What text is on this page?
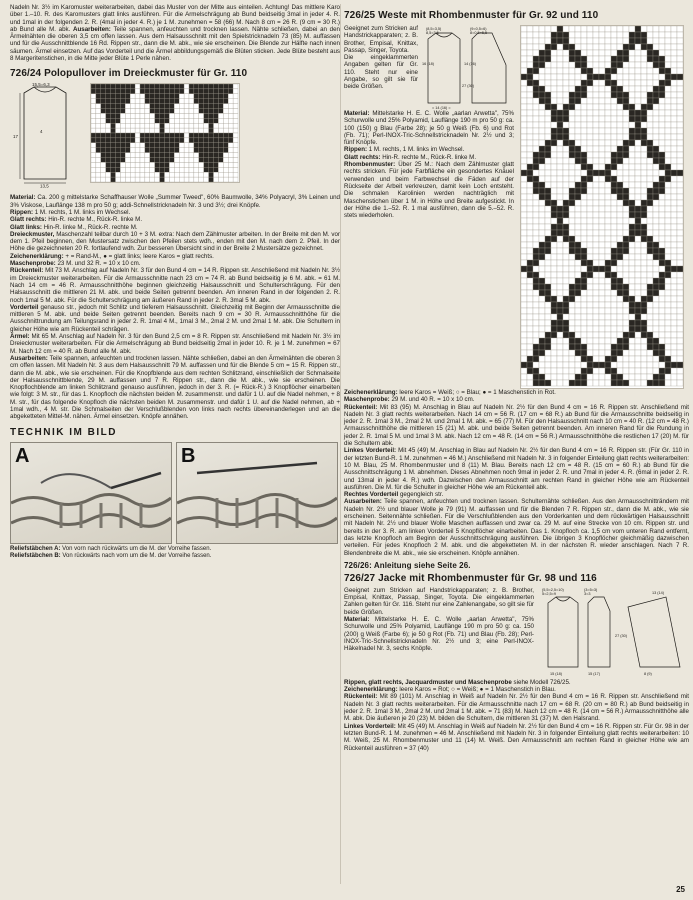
Nadeln Nr. 3½ im Karomuster weiterarbeiten, dabei das Muster von der Mitte aus einteilen. Achtung! Das mittlere Karo über 1.–10. R. des Karomusters glatt links ausführen. Für die Armelschrägung ab Bund beidseitig 3mal in jeder 4. R. und 1mal in der folgenden 2. R. (4mal in jeder 4. R.) je 1 M. zunehmen = 58 (66) M. Nach 8 cm = 26 R. (9 cm = 30 R.) ab Bund alle M. abk. Ausarbeiten: Teile spannen, anfeuchten und trocknen lassen. Nähte schließen, dabei an den Ärmelnähten die oberen 3,5 cm offen lassen. Aus dem Halsausschnitt mit den Spielstricknadeln 73 (85) M. auffassen und für die Ausschnittblende 16 Rd. Rippen str., dann die M. abk., wie sie erscheinen. Die Blende zur Hälfte nach innen säumen. Ärmel einsetzen. Auf das Vorderteil und die Ärmel abbildungsgemäß die Blüten sticken. Jede Blüte besteht aus 8 Margeritenstichen, in die Mitte jeder Blüte 1 Perle nähen.

726/24 Polopullover im Dreieckmuster für Gr. 110
15,5=6,3
17
13,5
4

Material: Ca. 200 g mittelstarke Schaffhauser Wolle „Summer Tweed", 60% Baumwolle, 34% Polyacryl, 3% Leinen und 3% Viskose, Lauflänge 138 m pro 50 g; addi-Schnellstricknadeln Nr. 3 und 3½; drei Knöpfe.

Rippen: 1 M. rechts, 1 M. links im Wechsel.

Glatt rechts: Hin-R. rechte M., Rück-R. linke M.

Glatt links: Hin-R. linke M., Rück-R. rechte M.

Dreieckmuster, Maschenzahl teilbar durch 10 + 3 M. extra: Nach dem Zählmuster arbeiten. In der Breite mit den M. vor dem 1. Pfeil beginnen, den Mustersatz zwischen den Pfeilen stets wdh., enden mit den M. nach dem 2. Pfeil. In der Höhe die gezeichneten 20 R. fortlaufend wdh. Zur besseren Übersicht sind in der Breite 2 Mustersätze gezeichnet.

Zeichenerklärung: + = Rand-M., ● = glatt links; leere Karos = glatt rechts.

Maschenprobe: 23 M. und 32 R. = 10 x 10 cm.

Rückenteil: Mit 73 M. Anschlag auf Nadeln Nr. 3 für den Bund 4 cm = 14 R. Rippen str. Anschließend mit Nadeln Nr. 3½ im Dreieckmuster weiterarbeiten. Für die Armausschnitte nach 23 cm = 74 R. ab Bund beidseitig je 6 M. abk. = 61 M. Nach 14 cm = 46 R. Armausschnitthöhe beginnen gleichzeitig Halsausschnitt und Schulterschrägung. Für den Halsausschnitt die mittleren 21 M. abk. und beide Seiten getrennt beenden. Am inneren Rand in der folgenden 2. R. noch 1mal 5 M. abk. Für die Schulterschrägung am äußeren Rand in jeder 2. R. 3mal 5 M. abk.

Vorderteil genauso str., jedoch mit Schlitz und tieferem Halsausschnitt. Gleichzeitig mit Beginn der Armausschnitte die mittleren 5 M. abk. und beide Seiten getrennt beenden. Bereits nach 9 cm = 30 R. Armausschnitthöhe für die Ausschnittrundung am Teilungsrand in jeder 2. R. 1mal 4 M., 1mal 3 M., 2mal 2 M. und 2mal 1 M. abk. Die Schultern in gleicher Höhe wie am Rückenteil schrägen.

Ärmel: Mit 65 M. Anschlag auf Nadeln Nr. 3 für den Bund 2,5 cm = 8 R. Rippen str. Anschließend mit Nadeln Nr. 3½ im Dreieckmuster weiterarbeiten. Für die Armelschrägung ab Bund beidseitig 2mal in jeder 10. R. je 1 M. zunehmen = 67 M. Nach 12 cm = 40 R. ab Bund alle M. abk.

Ausarbeiten: Teile spannen, anfeuchten und trocknen lassen. Nähte schließen, dabei an den Ärmelnähten die oberen 3 cm offen lassen. Mit Nadeln Nr. 3 aus dem Halsausschnitt 79 M. auffassen und für die Blende 5 cm = 15 R. Rippen str., dann die M. abk., wie sie erscheinen. Für die Knopfblende aus dem rechten Schlitzrand, einschließlich der Schmalseite der Halsausschnittblende, 29 M. auffassen und 7 R. Rippen str., dann die M. abk., wie sie erscheinen. Die Knopflochblende am linken Schlitzrand genauso ausführen, jedoch in der 3. R. (= Rück-R.) 3 Knopflöcher einarbeiten wie folgt: 3 M. str., für das 1. Knopfloch die nächsten beiden M. zusammenstr. und dafür 1 U. auf die Nadel nehmen, + 8 M. str., für das folgende Knopfloch die nächsten beiden M. zusammenstr. und dafür 1 U. auf die Nadel nehmen, ab + 1mal wdh., 4 M. str. Die Schmalseiten der Verschlußblenden von links nach rechts übereinanderlegen und an die abgeketteten Mittel-M. nähen. Ärmel einsetzen. Knöpfe annähen.

TECHNIK IM BILD
A	B

Reliefstäbchen A: Von vorn nach rückwärts um die M. der Vorreihe fassen.

Reliefstäbchen B: Von rückwärts nach vorn um die M. der Vorreihe fassen.

726/25 Weste mit Rhombenmuster für Gr. 92 und 110

Geeignet zum Stricken auf Handstrickapparaten; z. B. Brother, Empisal, Knittax, Passap, Singer, Toyota.

Die eingeklammerten Angaben gelten für Gr. 110. Steht nur eine Angabe, so gilt sie für beide Größen.

(8,5=3,5)
8,5=3,5
(9=0,5=6)
8=0,5=5,5
16 (18)	14 (16)
27 (30)
= 14 (16) =

Material: Mittelstarke H. E. C. Wolle „aarlan Arwetta", 75% Schurwolle und 25% Polyamid, Lauflänge 190 m pro 50 g: ca. 100 (150) g Blau (Farbe 28); je 50 g Weiß (Fb. 6) und Rot (Fb. 71); Perl-INOX-Tric-Schnellstricknadeln Nr. 2½ und 3; fünf Knöpfe.

Rippen: 1 M. rechts, 1 M. links im Wechsel.

Glatt rechts: Hin-R. rechte M., Rück-R. linke M.

Rhombenmuster: Über 25 M.: Nach dem Zählmuster glatt rechts stricken. Für jede Farbfläche ein gesondertes Knäuel verwenden und beim Farbwechsel die Fäden auf der Rückseite der Arbeit verkreuzen, damit kein Loch entsteht. Die schmalen Karolinien werden nachträglich mit Maschenstichen über 1 M. in Höhe und Breite aufgestickt. In der Höhe die 1.–52. R. 1 mal ausführen, dann die 5.–52. R. stets wiederholen.

Zeichenerklärung: leere Karos = Weiß; ○ = Blau; ● = 1 Maschenstich in Rot.

Maschenprobe: 29 M. und 40 R. = 10 x 10 cm.

Rückenteil: Mit 83 (95) M. Anschlag in Blau auf Nadeln Nr. 2½ für den Bund 4 cm = 16 R. Rippen str. Anschließend mit Nadeln Nr. 3 glatt rechts weiterarbeiten. Nach 14 cm = 56 R. (17 cm = 68 R.) ab Bund für die Armausschnitte beidseitig in jeder 2. R. 1mal 3 M., 2mal 2 M. und 2mal 1 M. abk. = 65 (77) M. Für den Halsausschnitt nach 10 cm = 40 R. (12 cm = 48 R.) Armausschnitthöhe die mittleren 15 (21) M. abk. und beide Seiten getrennt beenden. Am inneren Rand für die Rundung in jeder 2. R. 1mal 5 M. und 1mal 3 M. abk. Nach 12 cm = 48 R. (14 cm = 56 R.) Armausschnitthöhe die restlichen 17 (20) M. für die Schultern abk.

Linkes Vorderteil: Mit 45 (49) M. Anschlag in Blau auf Nadeln Nr. 2½ für den Bund 4 cm = 16 R. Rippen str. (Für Gr. 110 in der letzten Bund-R. 1 M. zunehmen = 46 M.) Anschließend mit Nadeln Nr. 3 in folgender Einteilung glatt rechts weiterarbeiten: 10 M. Blau, 25 M. Rhombenmuster und 8 (11) M. Blau. Bereits nach 12 cm = 48 R. (15 cm = 60 R.) ab Bund für die Ausschnittschrägung 1 M. abnehmen. Dieses Abnehmen noch 9mal in jeder 2. R. und 7mal in jeder 4. R. (6mal in jeder 2. R. und 13mal in jeder 4. R.) wdh. Dazwischen den Armausschnitt am rechten Rand in gleicher Höhe wie am Rückenteil ausführen. Die M. für die Schulter in gleicher Höhe wie am Rückenteil abk.

Rechtes Vorderteil gegengleich str.

Ausarbeiten: Teile spannen, anfeuchten und trocknen lassen. Schulternähte schließen. Aus den Armausschnitträndern mit Nadeln Nr. 2½ und blauer Wolle je 79 (91) M. auffassen und für die Blenden 7 R. Rippen str., dann die M. abk., wie sie erscheinen. Seitennähte schließen. Für die Verschlußblenden aus den Vorderkanten und dem rückwärtigen Halsausschnitt mit Nadeln Nr. 2½ und blauer Wolle Maschen auffassen und zwar ca. 29 M. auf eine Strecke von 10 cm. Rippen str. und bereits in der 3. R. am linken Vorderteil 5 Knopflöcher einarbeiten. Das 1. Knopfloch ca. 1,5 cm vom unteren Rand entfernt, das letzte Knopfloch am Beginn der Ausschnittschrägung ausführen. Die übrigen 3 Knopflöcher gleichmäßig dazwischen verteilen. Für jedes Knopfloch 2 M. abk. und die abgeketteten M. in der nächsten R. wieder anschlagen. Nach 7 R. Blendenbreite die M. abk., wie sie erscheinen. Knöpfe annähen.

726/26: Anleitung siehe Seite 26.
726/27 Jacke mit Rhombenmuster für Gr. 98 und 116

Geeignet zum Stricken auf Handstrickapparaten; z. B. Brother, Empisal, Knittax, Passap, Singer, Toyota. Die eingeklammerten Zahlen gelten für Gr. 116. Steht nur eine Zahlenangabe, so gilt sie für beide Größen.

Material: Mittelstarke H. E. C. Wolle „aarlan Arwetta", 75% Schurwolle und 25% Polyamid, Lauflänge 190 m pro 50 g: ca. 150 (200) g Weiß (Farbe 6); je 50 g Rot (Fb. 71) und Blau (Fb. 28); Perl-INOX-Tric-Schnellstricknadeln Nr. 2½ und 3; eine Perl-INOX-Häkelnadel Nr. 3, sechs Knöpfe.

(5,5=2,5=10)
5=2,5=9
(3=5=3)
3=3	13 (14)
15 (18)	15 (17)	8 (9)
27 (30)

Rippen, glatt rechts, Jacquardmuster und Maschenprobe siehe Modell 726/25.

Zeichenerklärung: leere Karos = Rot; ○ = Weiß; ● = 1 Maschenstich in Blau.

Rückenteil: Mit 89 (101) M. Anschlag in Weiß auf Nadeln Nr. 2½ für den Bund 4 cm = 16 R. Rippen str. Anschließend mit Nadeln Nr. 3 glatt rechts weiterarbeiten. Für die Armausschnitte nach 17 cm = 68 R. (20 cm = 80 R.) ab Bund beidseitig in jeder 2. R. 1mal 3 M., 2mal 2 M. und 2mal 1 M. abk. = 71 (83) M. Nach 12 cm = 48 R. (14 cm = 56 R.) Armausschnitthöhe alle M. abk. Die äußeren je 20 (23) M. bilden die Schultern, die mittleren 31 (37) M. den Halsrand.

Linkes Vorderteil: Mit 45 (49) M. Anschlag in Weiß auf Nadeln Nr. 2½ für den Bund 4 cm = 16 R. Rippen str. Für Gr. 98 in der letzten Bund-R. 1 M. zunehmen = 46 M. Anschließend mit Nadeln Nr. 3 in folgender Einteilung glatt rechts weiterarbeiten: 10 M. Weiß, 25 M. Rhombenmuster und 11 (14) M. Weiß. Den Armausschnitt am rechten Rand in gleicher Höhe wie am Rückenteil ausführen = 37 (40)

25
